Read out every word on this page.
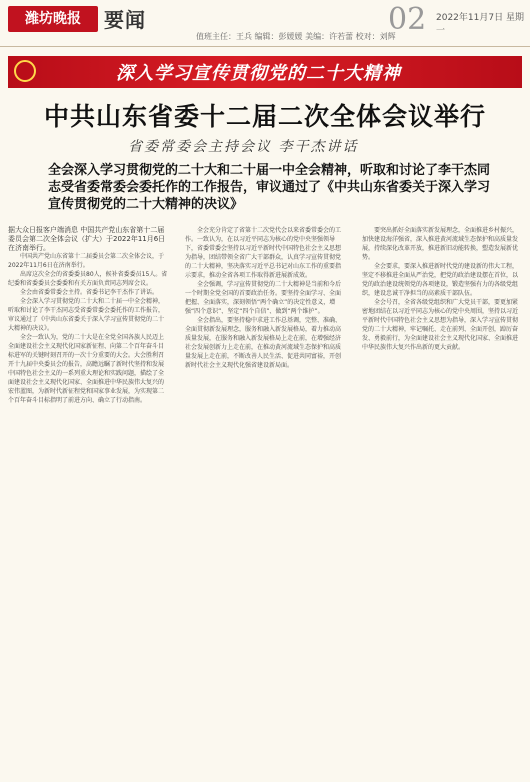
潍坊晚报	要闻
值班主任：王兵 编辑：彭媛媛 美编：许若蕾 校对：刘辉
02 2022年11月7日 星期一
深入学习宣传贯彻党的二十大精神
中共山东省委十二届二次全体会议举行
省委常委会主持会议 李干杰讲话
全会深入学习贯彻党的二十大和二十届一中全会精神，听取和讨论了李干杰同志受省委常委会委托作的工作报告，审议通过了《中共山东省委关于深入学习宣传贯彻党的二十大精神的决议》
据大众日报客户端消息 中国共产党山东省第十二届委员会第二次全体会议（扩大）于2022年11月6日在济南举行。

中国共产党山东省第十二届委员会第二次全体会议，于2022年11月6日在济南举行。

出席这次全会的省委委员80人，候补省委委员15人。省纪委和省委委员会委委和有关方面负责同志列席会议。

全会由省委常委会主持。省委书记李干杰作了讲话。

全会深入学习贯彻党的二十大和二十届一中全会精神，听取和讨论了李干杰同志受省委常委会委托作的工作报告，审议通过了《中共山东省委关于深入学习宣传贯彻党的二十大精神的决议》。

全会一致认为，党的二十大是在全党全国各族人民迈上全面建设社会主义现代化国家新征程、向第二个百年奋斗目标进军的关键时刻召开的一次十分重要的大会。大会胜利召开十九届中央委员会的报告，高瞻远瞩了新时代坚持和发展中国特色社会主义的一系列重大理论和实践问题，描绘了全面建设社会主义现代化国家、全面推进中华民族伟大复兴的宏伟蓝图，为新时代新征程党和国家事业发展，为实现第二个百年奋斗目标指明了前进方向、确立了行动指南。

全会充分肯定了省第十二次党代会以来省委常委会的工作。一致认为，在以习近平同志为核心的党中央坚强领导下，省委常委会坚持以习近平新时代中国特色社会主义思想为指导，团结带领全省广大干部群众，认真学习宣传贯彻党的二十大精神，坚决落实习近平总书记对山东工作的重要指示要求，推动全省各项工作取得新进展新成效。

全会强调，学习宣传贯彻党的二十大精神是当前和今后一个时期全党全国的首要政治任务。要坚持全面学习、全面把握、全面落实，深刻领悟“两个确立”的决定性意义，增强“四个意识”、坚定“四个自信”、做到“两个维护”。

全会指出，要坚持稳中求进工作总基调，完整、准确、全面贯彻新发展理念，服务和融入新发展格局，着力推动高质量发展，在服务和融入新发展格局上走在前，在增强经济社会发展创新力上走在前，在推动黄河流域生态保护和高质量发展上走在前，不断改善人民生活、促进共同富裕，开创新时代社会主义现代化强省建设新局面。

要突出抓好全面落实新发展理念，全面推进乡村振兴，加快建设海洋强省，深入推进黄河流域生态保护和高质量发展，持续深化改革开放，推进新旧动能转换，塑造发展新优势。

全会要求，要深入推进新时代党的建设新的伟大工程，坚定不移推进全面从严治党，把党的政治建设摆在首位，以党的政治建设统领党的各项建设，锻造坚强有力的各级党组织，建设忠诚干净担当的高素质干部队伍。

全会号召，全省各级党组织和广大党员干部，要更加紧密地团结在以习近平同志为核心的党中央周围，坚持以习近平新时代中国特色社会主义思想为指导，深入学习宣传贯彻党的二十大精神，牢记嘱托、走在前列、全面开创，踔厉奋发、勇毅前行，为全面建设社会主义现代化国家、全面推进中华民族伟大复兴作出新的更大贡献。
